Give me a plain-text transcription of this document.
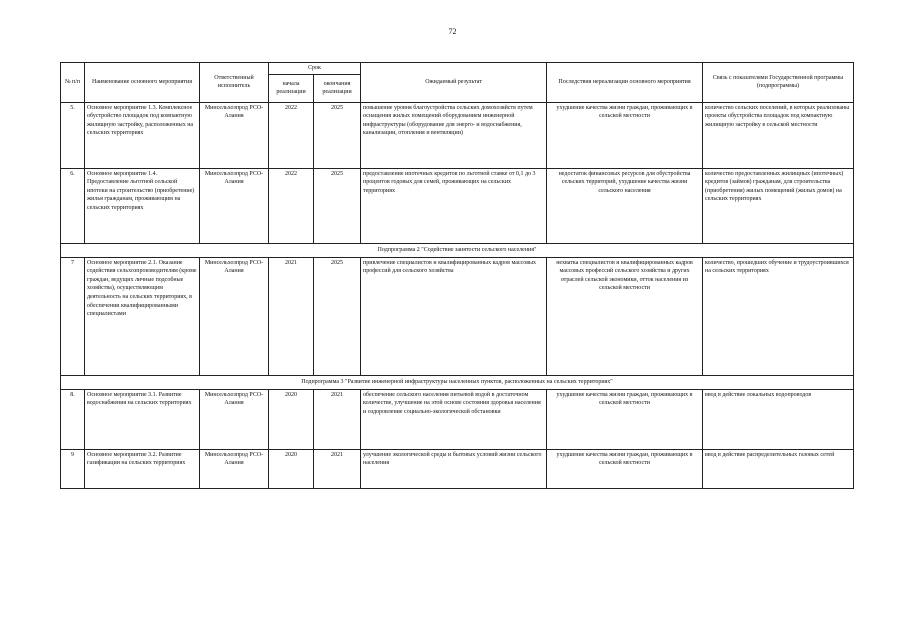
72
№ п/п	Наименование основного мероприятия	Ответственный исполнитель	Срок		Ожидаемый результат	Последствия нереализации основного мероприятия	Связь с показателями Государственной программы (подпрограммы)
			начала реализации	окончания реализации			
5.	Основное мероприятие 1.3. Комплексное обустройство площадок под компактную жилищную застройку, расположенных на сельских территориях	Минсельхозпрод РСО-Алания	2022	2025	повышение уровня благоустройства сельских домохозяйств путем оснащения жилых помещений оборудованием инженерной инфраструктуры (оборудование для энерго- и водоснабжения, канализации, отопления и вентиляции)	ухудшение качества жизни граждан, проживающих в сельской местности	количество сельских поселений, в которых реализованы проекты обустройства площадок под компактную жилищную застройку в сельской местности
6.	Основное мероприятие 1.4. Предоставление льготной сельской ипотеки на строительство (приобретение) жилья гражданам, проживающим на сельских территориях	Минсельхозпрод РСО-Алания	2022	2025	предоставление ипотечных кредитов по льготной ставке от 0,1 до 3 процентов годовых для семей, проживающих на сельских территориях	недостаток финансовых ресурсов для обустройства сельских территорий, ухудшение качества жизни сельского населения	количество предоставленных жилищных (ипотечных) кредитов (займов) гражданам, для строительства (приобретения) жилых помещений (жилых домов) на сельских территориях
Подпрограмма 2 "Содействие занятости сельского населения"							
7	Основное мероприятие 2.1. Оказание содействия сельхозпроизводителям (кроме граждан, ведущих личные подсобные хозяйства), осуществляющим деятельность на сельских территориях, в обеспечении квалифицированными специалистами	Минсельхозпрод РСО-Алания	2021	2025	привлечение специалистов и квалифицированных кадров массовых профессий для сельского хозяйства	нехватка специалистов и квалифицированных кадров массовых профессий сельского хозяйства и других отраслей сельской экономики, отток населения из сельской местности	количество, прошедших обучение и трудоустроившихся на сельских территориях
Подпрограмма 3 "Развитие инженерной инфраструктуры населенных пунктов, расположенных на сельских территориях"							
8.	Основное мероприятие 3.1. Развитие водоснабжения на сельских территориях	Минсельхозпрод РСО-Алания	2020	2021	обеспечение сельского населения питьевой водой в достаточном количестве, улучшение на этой основе состояния здоровья населения и оздоровление социально-экологической обстановки	ухудшение качества жизни граждан, проживающих в сельской местности	ввод в действие локальных водопроводов
9	Основное мероприятие 3.2. Развитие газификации на сельских территориях	Минсельхозпрод РСО-Алания	2020	2021	улучшение экологической среды и бытовых условий жизни сельского населения	ухудшение качества жизни граждан, проживающих в сельской местности	ввод в действие распределительных газовых сетей
